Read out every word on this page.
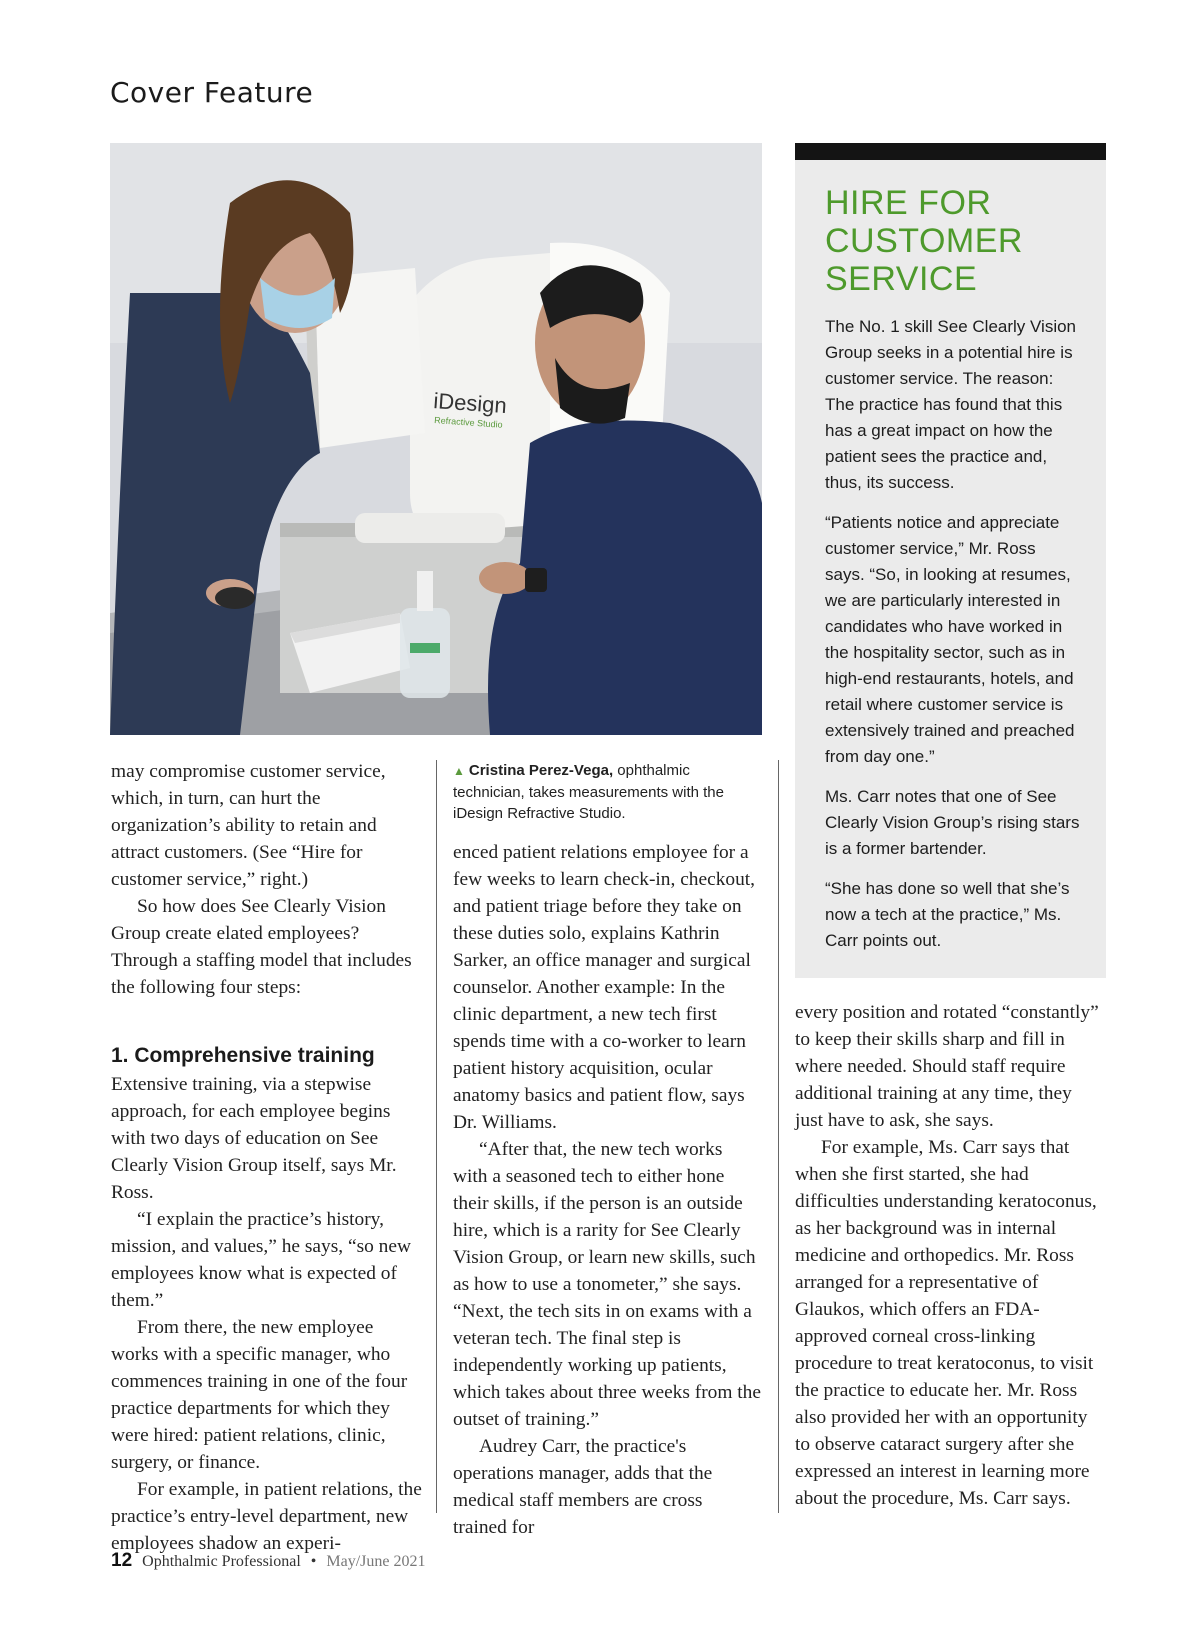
Cover Feature
iDesign
Refractive Studio
▲ Cristina Perez-Vega, ophthalmic technician, takes measurements with the iDesign Refractive Studio.

may compromise customer service, which, in turn, can hurt the organization’s ability to retain and attract customers. (See “Hire for customer service,” right.)

So how does See Clearly Vision Group create elated employees? Through a staffing model that includes the following four steps:

1. Comprehensive training

Extensive training, via a stepwise approach, for each employee begins with two days of education on See Clearly Vision Group itself, says Mr. Ross.

“I explain the practice’s history, mission, and values,” he says, “so new employees know what is expected of them.”

From there, the new employee works with a specific manager, who commences training in one of the four practice departments for which they were hired: patient relations, clinic, surgery, or finance.

For example, in patient relations, the practice’s entry-level department, new employees shadow an experi-

enced patient relations employee for a few weeks to learn check-in, checkout, and patient triage before they take on these duties solo, explains Kathrin Sarker, an office manager and surgical counselor. Another example: In the clinic department, a new tech first spends time with a co-worker to learn patient history acquisition, ocular anatomy basics and patient flow, says Dr. Williams.

“After that, the new tech works with a seasoned tech to either hone their skills, if the person is an outside hire, which is a rarity for See Clearly Vision Group, or learn new skills, such as how to use a tonometer,” she says. “Next, the tech sits in on exams with a veteran tech. The final step is independently working up patients, which takes about three weeks from the outset of training.”

Audrey Carr, the practice's operations manager, adds that the medical staff members are cross trained for

HIRE FOR CUSTOMER SERVICE

The No. 1 skill See Clearly Vision Group seeks in a potential hire is customer service. The reason: The practice has found that this has a great impact on how the patient sees the practice and, thus, its success.

“Patients notice and appreciate customer service,” Mr. Ross says. “So, in looking at resumes, we are particularly interested in candidates who have worked in the hospitality sector, such as in high-end restaurants, hotels, and retail where customer service is extensively trained and preached from day one.”

Ms. Carr notes that one of See Clearly Vision Group’s rising stars is a former bartender.

“She has done so well that she’s now a tech at the practice,” Ms. Carr points out.

every position and rotated “constantly” to keep their skills sharp and fill in where needed. Should staff require additional training at any time, they just have to ask, she says.

For example, Ms. Carr says that when she first started, she had difficulties understanding keratoconus, as her background was in internal medicine and orthopedics. Mr. Ross arranged for a representative of Glaukos, which offers an FDA-approved corneal cross-linking procedure to treat keratoconus, to visit the practice to educate her. Mr. Ross also provided her with an opportunity to observe cataract surgery after she expressed an interest in learning more about the procedure, Ms. Carr says.

12 Ophthalmic Professional • May/June 2021
